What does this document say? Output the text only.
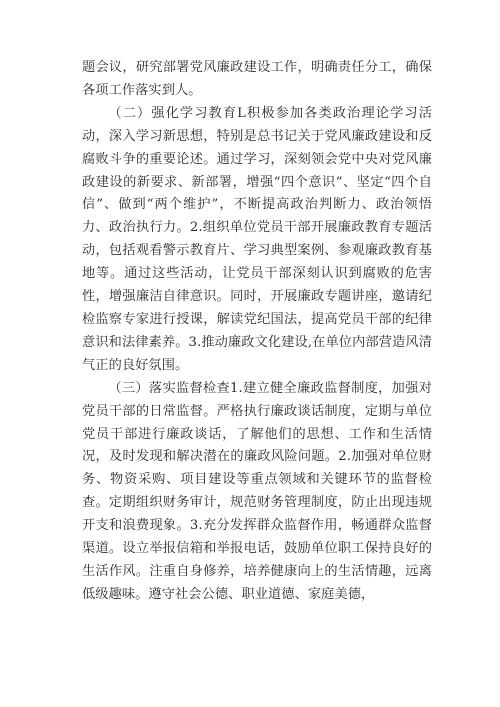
题会议，研究部署党风廉政建设工作，明确责任分工，确保各项工作落实到人。

（二）强化学习教育L积极参加各类政治理论学习活动，深入学习新思想，特别是总书记关于党风廉政建设和反腐败斗争的重要论述。通过学习，深刻领会党中央对党风廉政建设的新要求、新部署，增强“四个意识”、坚定“四个自信”、做到“两个维护”，不断提高政治判断力、政治领悟力、政治执行力。2.组织单位党员干部开展廉政教育专题活动，包括观看警示教育片、学习典型案例、参观廉政教育基地等。通过这些活动，让党员干部深刻认识到腐败的危害性，增强廉洁自律意识。同时，开展廉政专题讲座，邀请纪检监察专家进行授课，解读党纪国法，提高党员干部的纪律意识和法律素养。3.推动廉政文化建设,在单位内部营造风清气正的良好氛围。

（三）落实监督检查1.建立健全廉政监督制度，加强对党员干部的日常监督。严格执行廉政谈话制度，定期与单位党员干部进行廉政谈话，了解他们的思想、工作和生活情况，及时发现和解决潜在的廉政风险问题。2.加强对单位财务、物资采购、项目建设等重点领域和关键环节的监督检查。定期组织财务审计，规范财务管理制度，防止出现违规开支和浪费现象。3.充分发挥群众监督作用，畅通群众监督渠道。设立举报信箱和举报电话，鼓励单位职工保持良好的生活作风。注重自身修养，培养健康向上的生活情趣，远离低级趣味。遵守社会公德、职业道德、家庭美德，
